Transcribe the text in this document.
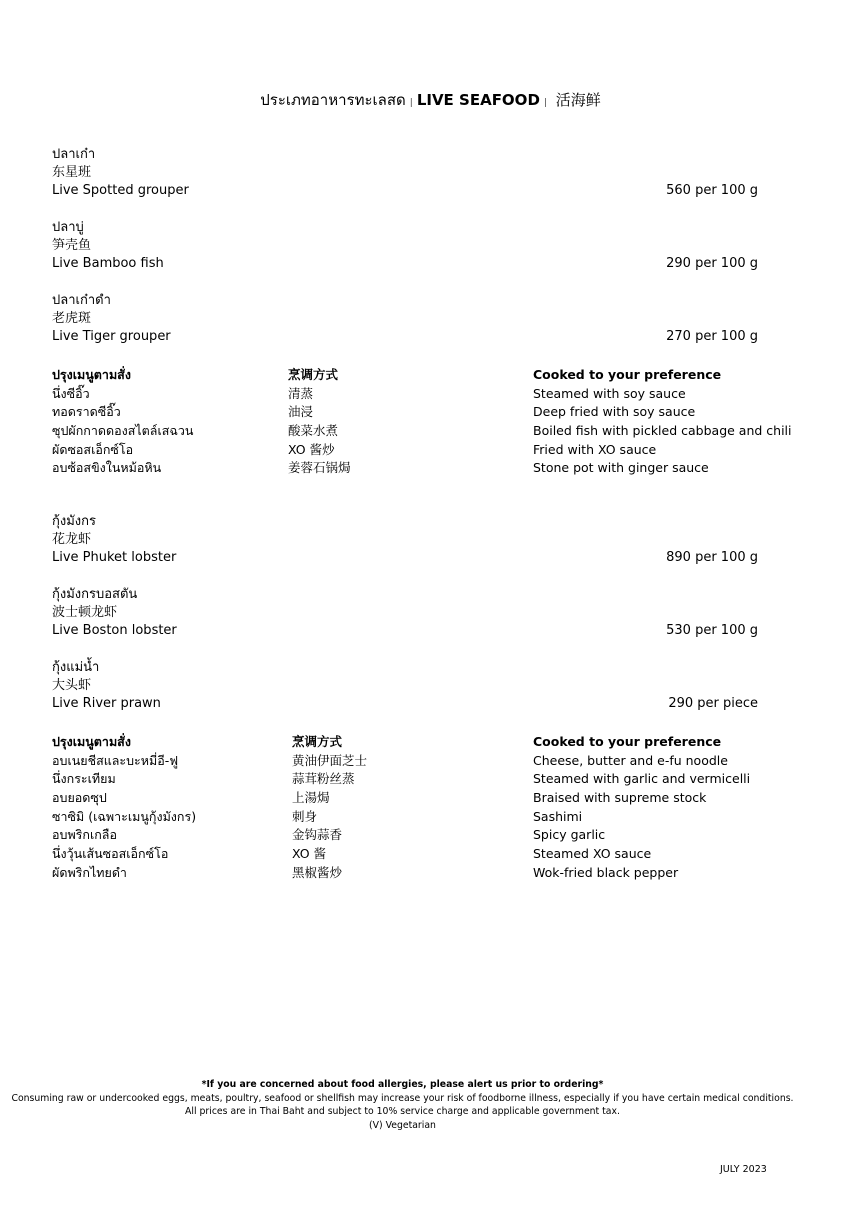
ประเภทอาหารทะเลสด | LIVE SEAFOOD | 活海鲜
ปลาเก๋า
东星班
Live Spotted grouper	560 per 100 g
ปลาบู่
笋壳鱼
Live Bamboo fish	290 per 100 g
ปลาเก๋าดำ
老虎斑
Live Tiger grouper	270 per 100 g
ปรุงเมนูตามสั่ง	烹调方式	Cooked to your preference
นึ่งซีอิ๊ว	清蒸	Steamed with soy sauce
ทอดราดซีอิ๊ว	油浸	Deep fried with soy sauce
ซุปผักกาดดองสไตล์เสฉวน	酸菜水煮	Boiled fish with pickled cabbage and chili
ผัดซอสเอ็กซ์โอ	XO 酱炒	Fried with XO sauce
อบซ้อสขิงในหม้อหิน	姜蓉石锅焗	Stone pot with ginger sauce
กุ้งมังกร
花龙虾
Live Phuket lobster	890 per 100 g
กุ้งมังกรบอสตัน
波士顿龙虾
Live Boston lobster	530 per 100 g
กุ้งแม่น้ำ
大头虾
Live River prawn	290 per piece
ปรุงเมนูตามสั่ง	烹调方式	Cooked to your preference
อบเนยชีสและบะหมี่อี-ฟู	黄油伊面芝士	Cheese, butter and e-fu noodle
นึ่งกระเทียม	蒜茸粉丝蒸	Steamed with garlic and vermicelli
อบยอดซุป	上湯焗	Braised with supreme stock
ซาซิมิ (เฉพาะเมนูกุ้งมังกร)	刺身	Sashimi
อบพริกเกลือ	金钩蒜香	Spicy garlic
นึ่งวุ้นเส้นซอสเอ็กซ์โอ	XO 酱	Steamed XO sauce
ผัดพริกไทยดำ	黑椒酱炒	Wok-fried black pepper
*If you are concerned about food allergies, please alert us prior to ordering*
Consuming raw or undercooked eggs, meats, poultry, seafood or shellfish may increase your risk of foodborne illness, especially if you have certain medical conditions.
All prices are in Thai Baht and subject to 10% service charge and applicable government tax.
(V) Vegetarian
JULY 2023
